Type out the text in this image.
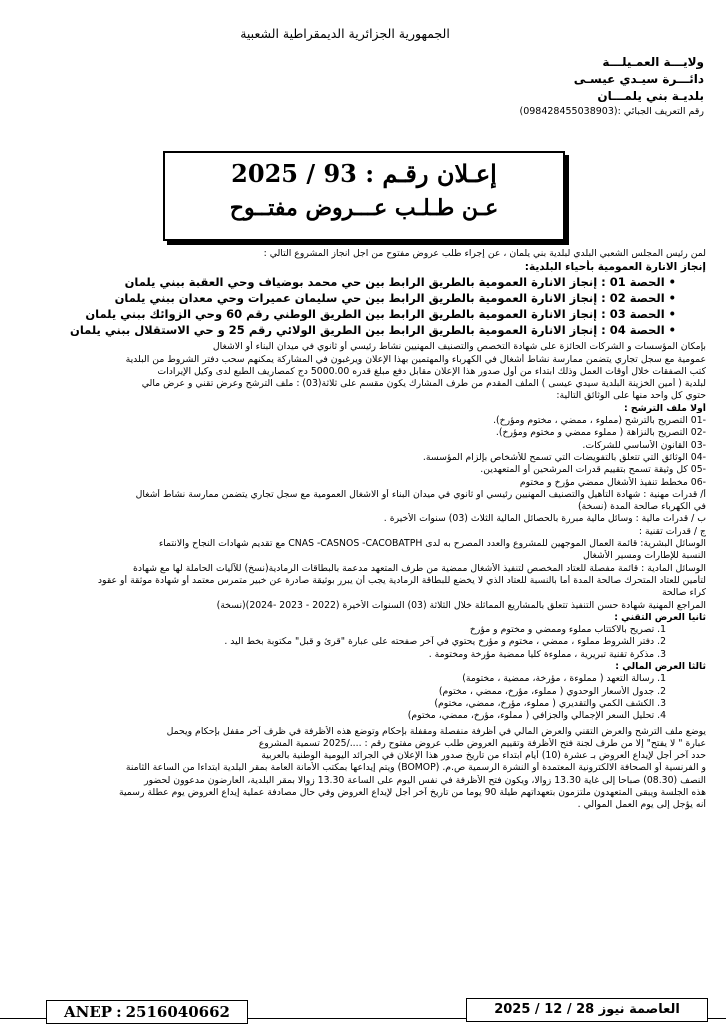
الجمهورية الجزائرية الديمقراطية الشعبية
ولايـــة العمـيلـــة
دائـــرة سيـدي عيسـى
بلديـة بني يلمـــان
رقم التعريف الجبائي :(098428455038903)
إعـلان رقـم : 93 / 2025
عـن طـلـب عـــروض مفتــوح
لمن رئيس المجلس الشعبي البلدي لبلدية بني يلمان ، عن إجراء طلب عروض مفتوح من اجل انجاز المشروع التالي :
إنجاز الانارة العمومية بأحياء البلدية:
• الحصة 01 : إنجاز الانارة العمومية بالطريق الرابط بين حي محمد بوضياف وحي العقبة ببني يلمان
• الحصة 02 : إنجاز الانارة العمومية بالطريق الرابط بين حي سليمان عميرات وحي معدان ببني يلمان
• الحصة 03 : إنجاز الانارة العمومية بالطريق الرابط بين الطريق الوطني رقم 60 وحي الزوائك ببني يلمان
• الحصة 04 : إنجاز الانارة العمومية بالطريق الرابط بين الطريق الولائي رقم 25 و حي الاستقلال ببني يلمان
بإمكان المؤسسات و الشركات الحائزة على شهادة التخصص والتصنيف المهنيين نشاط رئيسي أو ثانوي في ميدان البناء أو الاشغال
عمومية مع سجل تجاري يتضمن ممارسة نشاط أشغال في الكهرباء والمهتمين بهذا الإعلان ويرغبون في المشاركة يمكنهم سحب دفتر الشروط من البلدية
كتب الصفقات خلال أوقات العمل وذلك ابتداء من أول صدور هذا الإعلان مقابل دفع مبلغ قدره 5000.00 دج كمصاريف الطبع لدى وكيل الإيرادات
لبلدية ( أمين الخزينة البلدية سيدي عيسى ) الملف المقدم من طرف المشارك يكون مقسم على ثلاثة(03) : ملف الترشح وعرض تقني و عرض مالي
حتوي كل واحد منها على الوثائق التالية:
أولا ملف الترشح :
-01 التصريح بالترشح (مملوء ، ممضي ، مختوم ومؤرخ).
-02 التصريح بالنزاهة ( مملوء ممضي و مختوم ومؤرخ).
-03 القانون الأساسي للشركات.
-04 الوثائق التي تتعلق بالتفويضات التي تسمح للأشخاص بإلزام المؤسسة.
-05 كل وثيقة تسمح بتقييم قدرات المرشحين أو المتعهدين.
-06 مخطط تنفيذ الأشغال ممضي مؤرخ و مختوم
أ/ قدرات مهنية : شهادة التأهيل والتصنيف المهنيين رئيسي او ثانوي في ميدان البناء أو الاشغال العمومية مع سجل تجاري يتضمن ممارسة نشاط أشغال
في الكهرباء صالحة المدة (نسخة)
ب / قدرات مالية : وسائل مالية مبررة بالحصائل المالية الثلاث (03) سنوات الأخيرة .
ج / قدرات تقنية :
الوسائل البشرية: قائمة العمال الموجهين للمشروع والعدد المصرح به لدى CNAS -CASNOS -CACOBATPH مع تقديم شهادات النجاح والانتماء
النسبة للإطارات ومسير الأشغال
الوسائل المادية : قائمة مفصلة للعتاد المخصص لتنفيذ الأشغال ممضية من طرف المتعهد مدعمة بالبطاقات الرمادية(نسخ) للآليات الحاملة لها مع شهادة
لتأمين للعتاد المتحرك صالحة المدة أما بالنسبة للعتاد الذي لا يخضع للبطاقة الرمادية يجب أن يبرر بوثيقة صادرة عن خبير متمرس معتمد أو شهادة موثقة أو عقود
كراء صالحة
المراجع المهنية شهادة حسن التنفيذ تتعلق بالمشاريع المماثلة خلال الثلاثة (03) السنوات الأخيرة (2022 - 2023 -2024)(نسخة)
ثانيا العرض التقني :
1. تصريح بالاكتتاب مملوء وممضي و مختوم و مؤرخ
2. دفتر الشروط مملوء ، ممضي ، مختوم و مؤرخ يحتوي في آخر صفحته على عبارة "قرئ و قبل" مكتوبة بخط اليد .
3. مذكرة تقنية تبريرية ، مملوءة كليا ممضية مؤرخة ومختومة .
ثالثا العرض المالي :
1. رسالة التعهد ( مملوءة ، مؤرخة، ممضية ، مختومة)
2. جدول الأسعار الوحدوي ( مملوء، مؤرخ، ممضي ، مختوم)
3. الكشف الكمي والتقديري ( مملوء، مؤرخ، ممضي، مختوم)
4. تحليل السعر الإجمالي والجزافي ( مملوء، مؤرخ، ممضي، مختوم)
يوضع ملف الترشح والعرض التقني والعرض المالي في أظرفة منفصلة ومقفلة بإحكام وتوضع هذه الأظرفة في ظرف آخر مقفل بإحكام ويحمل
عبارة " لا يفتح" إلا من طرف لجنة فتح الأظرفة وتقييم العروض طلب عروض مفتوح رقم : ..../2025 تسمية المشروع
حدد آخر أجل لإيداع العروض بـ عشرة (10) أيام ابتداء من تاريخ صدور هذا الإعلان في الجرائد اليومية الوطنية بالعربية
و الفرنسية أو الصحافة الالكترونية المعتمدة أو النشرة الرسمية ص.م. (BOMOP) ويتم إيداعها بمكتب الأمانة العامة بمقر البلدية ابتداءا من الساعة الثامنة
النصف (08.30) صباحا إلى غاية 13.30 زوالا، ويكون فتح الأظرفة في نفس اليوم على الساعة 13.30 زوالا بمقر البلدية، العارضون مدعوون لحضور
هذه الجلسة ويبقى المتعهدون ملتزمون بتعهداتهم طيلة 90 يوما من تاريخ آخر أجل لإيداع العروض وفي حال مصادفة عملية إيداع العروض يوم عطلة رسمية
أنه يؤجل إلى يوم العمل الموالي .
ANEP : 2516040662	العاصمة نيوز 28 / 12 / 2025
